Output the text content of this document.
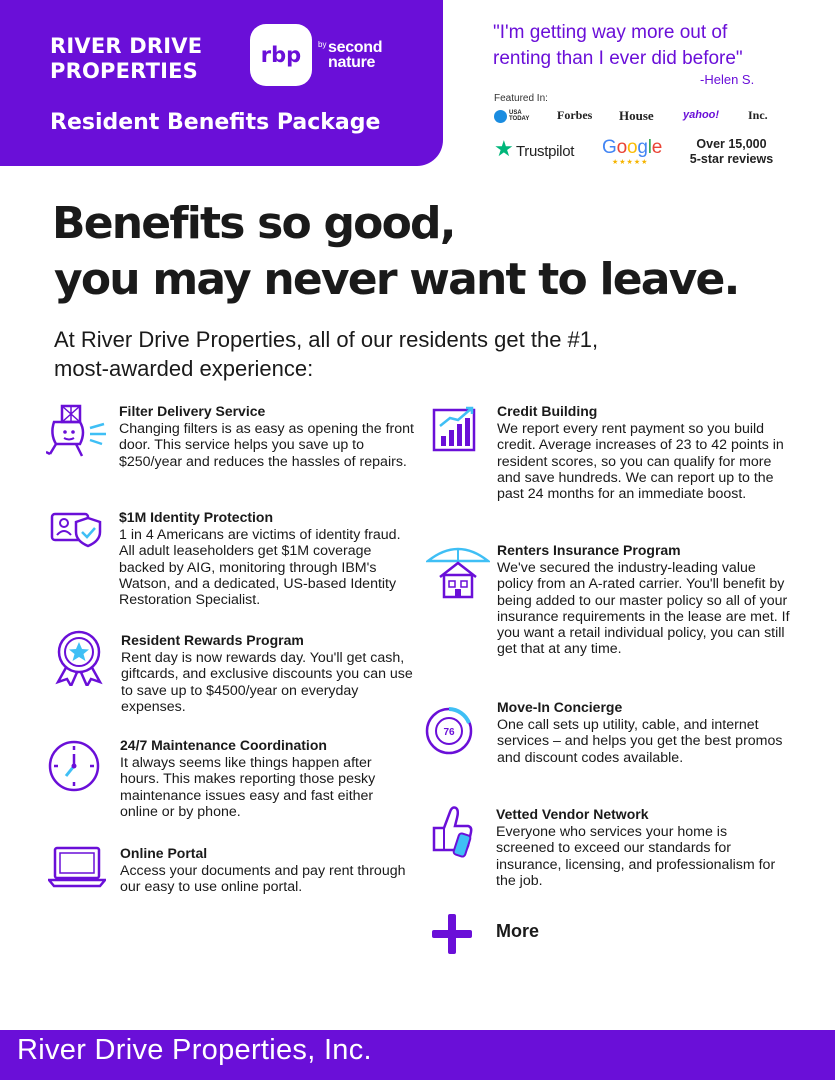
RIVER DRIVE
PROPERTIES
rbp by second
nature
Resident Benefits Package
"I'm getting way more out of
renting than I ever did before"
-Helen S.
Featured In:
USA TODAY Forbes House	yahoo! Inc.
★ Trustpilot Google
★★★★★
Over 15,000
5-star reviews
Benefits so good,
you may never want to leave.
At River Drive Properties, all of our residents get the #1,
most-awarded experience:
Filter Delivery Service
Changing filters is as easy as opening the front door. This service helps you save up to $250/year and reduces the hassles of repairs.
$1M Identity Protection
1 in 4 Americans are victims of identity fraud. All adult leaseholders get $1M coverage backed by AIG, monitoring through IBM's Watson, and a dedicated, US-based Identity Restoration Specialist.
Resident Rewards Program
Rent day is now rewards day. You'll get cash, giftcards, and exclusive discounts you can use to save up to $4500/year on everyday expenses.
24/7 Maintenance Coordination
It always seems like things happen after hours. This makes reporting those pesky maintenance issues easy and fast either online or by phone.
Online Portal
Access your documents and pay rent through our easy to use online portal.
Credit Building
We report every rent payment so you build credit. Average increases of 23 to 42 points in resident scores, so you can qualify for more and save hundreds. We can report up to the past 24 months for an immediate boost.
Renters Insurance Program
We've secured the industry-leading value policy from an A-rated carrier. You'll benefit by being added to our master policy so all of your insurance requirements in the lease are met. If you want a retail individual policy, you can still get that at any time.
76
Move-In Concierge
One call sets up utility, cable, and internet services – and helps you get the best promos and discount codes available.
Vetted Vendor Network
Everyone who services your home is screened to exceed our standards for insurance, licensing, and professionalism for the job.
More
River Drive Properties, Inc.
